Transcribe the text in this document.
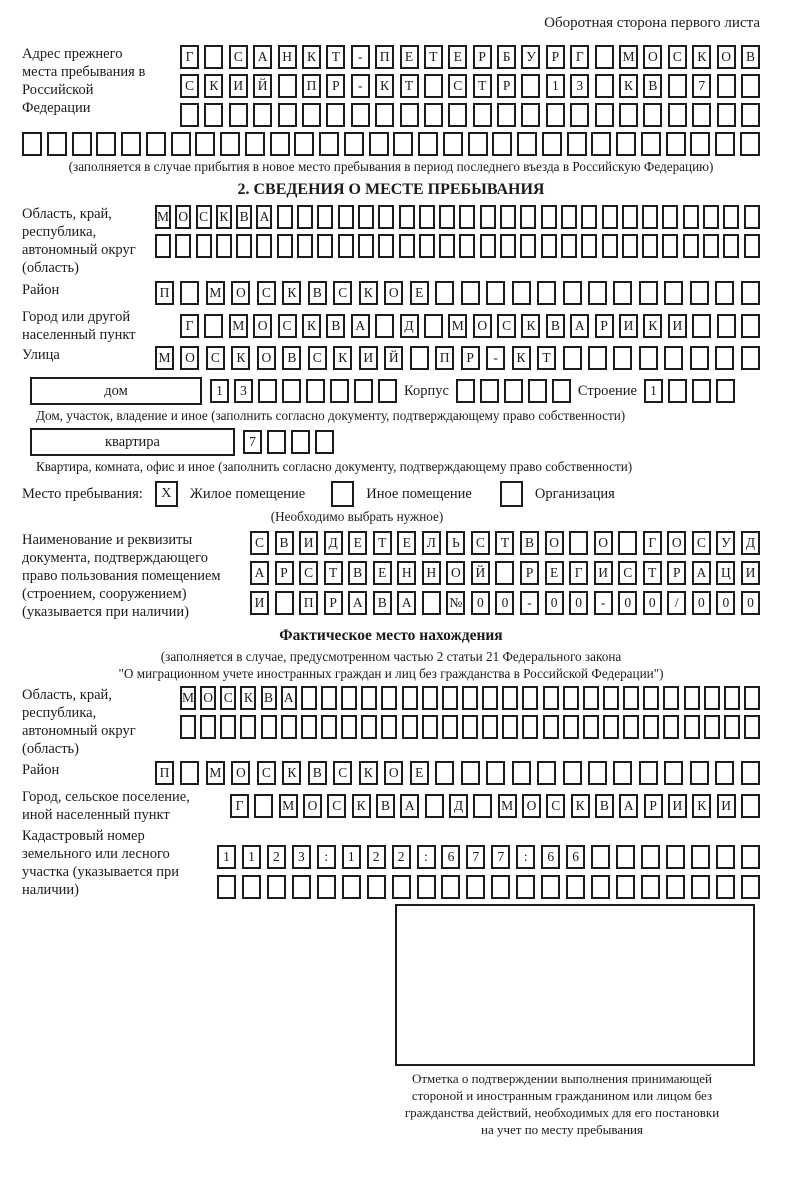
Оборотная сторона первого листа
Адрес прежнего места пребывания в Российской Федерации
Г	С	А	Н	К	Т	-	П	Е	Т	Е	Р	Б	У	Р	Г	М	О	С	К	О	В
С	К	И	Й	П	Р	-	К	Т	С	Т	Р	1	3	К	В	7
(заполняется в случае прибытия в новое место пребывания в период последнего въезда в Российскую Федерацию)
2. СВЕДЕНИЯ О МЕСТЕ ПРЕБЫВАНИЯ
Область, край, республика, автономный округ (область)
М О С К В А
Район	П	М	О	С	К	В	С	К	О	Е
Город или другой населенный пункт
Г	М	О	С	К	В	А	Д	М	О	С	К	В	А	Р	И	К	И
Улица	М	О	С	К	О	В	С	К	И	Й	П	Р	-	К	Т
дом	1	3	Корпус	Строение 1
Дом, участок, владение и иное (заполнить согласно документу, подтверждающему право собственности)
квартира	7
Квартира, комната, офис и иное (заполнить согласно документу, подтверждающему право собственности)
Место пребывания:	X	Жилое помещение	Иное помещение	Организация
(Необходимо выбрать нужное)
Наименование и реквизиты документа, подтверждающего право пользования помещением (строением, сооружением) (указывается при наличии)
С	В	И	Д	Е	Т	Е	Л	Ь	С	Т	В	О	О	Г	О	С	У	Д
А	Р	С	Т	В	Е	Н	Н	О	Й	Р	Е	Г	И	С	Т	Р	А	Ц	И
И	П	Р	А	В	А	№	0	0	-	0	0	-	0	0	/	0	0	0
Фактическое место нахождения
(заполняется в случае, предусмотренном частью 2 статьи 21 Федерального закона
"О миграционном учете иностранных граждан и лиц без гражданства в Российской Федерации")
Область, край, республика, автономный округ (область)
М О С К В А
Район	П	М	О	С	К	В	С	К	О	Е
Город, сельское поселение, иной населенный пункт
Г	М О	С	К	В	А	Д	М О	С	К	В	А	Р	И	К	И
Кадастровый номер земельного или лесного участка (указывается при наличии)
1	1	2	3	:	1	2	2	:	6	7	7	:	6	6
Отметка о подтверждении выполнения принимающей
стороной и иностранным гражданином или лицом без
гражданства действий, необходимых для его постановки
на учет по месту пребывания
